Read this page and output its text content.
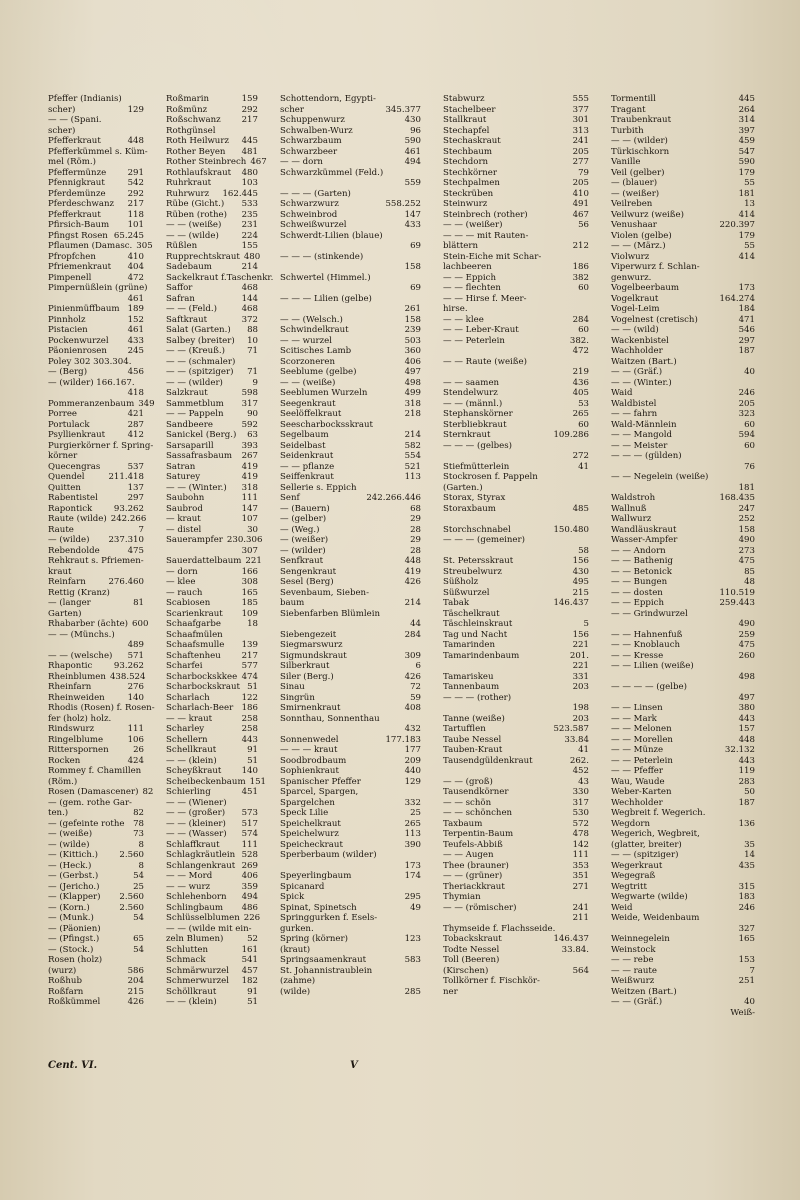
Pfeffer (Indianis)
scher)	129
— — (Spani.
scher)
Pfefferkraut	448
Pfefferkümmel s. Küm-
mel (Röm.)
Pfeffermünze	291
Pfennigkraut	542
Pferdemünze	292
Pferdeschwanz	217
Pfefferkraut	118
Pfirsich-Baum	101
Pfingst Rosen 65.245
Pflaumen (Damasc. 305
Pfropfchen	410
Pfriemenkraut	404
Pimpenell	472
Pimpernüßlein (grüne)
461
Pinienmüffbaum 189
Pinnholz	152
Pistacien	461
Pockenwurzel	433
Päonienrosen	245
Poley 302 303.304.
— (Berg)	456
— (wilder) 166.167.
418
Pommeranzenbaum 349
Porree	421
Portulack	287
Psyllienkraut	412
Purgierkörner f. Spring-
körner
Quecengras	537
Quendel	211.418
Quitten	137
Rabentistel	297
Rapontick	93.262
Raute (wilde) 242.266
Raute	7
— (wilde)	237.310
Rebendolde	475
Rehkraut s. Pfriemen-
kraut
Reinfarn	276.460
Rettig (Kranz)
— (langer	81
Garten)
Rhabarber (ächte) 600
— — (Münchs.)
489
— — (welsche)	571
Rhapontic	93.262
Rheinblumen 438.524
Rheinfarn	276
Rheinweiden	140
Rhodis (Rosen) f. Rosen-
fer (holz) holz.
Rindswurz	111
Ringelblume	106
Ritterspornen	26
Rocken	424
Rommey f. Chamillen
(Röm.)
Rosen (Damascener) 82
— (gem. rothe Gar-
ten.)	82
— (gefeinte rothe	78
— (weiße)	73
— (wilde)	8
— (Kittich.)	2.560
— (Heck.)	8
— (Gerbst.)	54
— (Jericho.)	25
— (Klapper)	2.560
— (Korn.)	2.560
— (Munk.)	54
— (Päonien)
— (Pfingst.)	65
— (Stock.)	54
Rosen (holz)
(wurz)	586
Roßhub	204
Roßfarn	215
Roßkümmel	426
Roßmarin	159
Roßmünz	292
Roßschwanz	217
Rothgünsel
Roth Heilwurz	445
Rother Beyen	481
Rother Steinbrech 467
Rothlaufskraut	480
Ruhrkraut	103
Ruhrwurz	162.445
Rübe (Gicht.)	533
Rüben (rothe)	235
— — (weiße)	231
— — (wilde)	224
Rüßlen	155
Rupprechtskraut 480
Sadebaum	214
Sackelkraut f.Taschenkr.
Saffor	468
Safran	144
— — (Feld.)	468
Saftkraut	372
Salat (Garten.)	88
Salbey (breiter)	10
— — (Kreuß.)	71
— — (schmaler)
— — (spitziger)	71
— — (wilder)	9
Salzkraut	598
Sammetblum	317
— — Pappeln	90
Sandbeere	592
Sanickel (Berg.)	63
Sarsaparill	393
Sassafrasbaum	267
Satran	419
Saturey	419
— — (Winter.)	318
Saubohn	111
Saubrod	147
— kraut	107
— distel	30
Sauerampfer 230.306
307
Sauerdattelbaum 221
— dorn	166
— klee	308
— rauch	165
Scabiosen	185
Scarienkraut	109
Schaafgarbe	18
Schaafmülen
Schaafsmulle	139
Schaftenheu	217
Scharfei	577
Scharbockskkee 474
Scharbockskraut 51
Scharlach	122
Scharlach-Beer 186
— — kraut	258
Scharley	258
Schellern	443
Schellkraut	91
— — (klein)	51
Scheyßkraut	140
Scheibeckenbaum 151
Schierling	451
— — (Wiener)
— — (großer)	573
— — (kleiner)	517
— — (Wasser)	574
Schlaffkraut	111
Schlagkräutlein 528
Schlangenkraut 269
— — Mord	406
— — wurz	359
Schlehenborn	494
Schlingbaum	486
Schlüsselblumen 226
— — (wilde mit ein-
zeln Blumen)	52
Schlutten	161
Schmack	541
Schmärwurzel	457
Schmerwurzel	182
Schöllkraut	91
— — (klein)	51
Schottendorn, Egypti-
scher	345.377
Schuppenwurz	430
Schwalben-Wurz	96
Schwarzbaum	590
Schwarzbeer	461
— — dorn	494
Schwarzkümmel (Feld.)
559
— — — (Garten)
Schwarzwurz	558.252
Schweinbrod	147
Schweißwurzel	433
Schwerdt-Lilien (blaue)
69
— — — (stinkende)
158
Schwertel (Himmel.)
69
— — — Lilien (gelbe)
261
— — (Welsch.)	158
Schwindelkraut	239
— — wurzel	503
Scitisches Lamb	360
Scorzoneren	406
Seeblume (gelbe)	497
— — (weiße)	498
Seeblumen Wurzeln	499
Seegenkraut	318
Seelöffelkraut	218
Seescharbocksskraut
Segelbaum	214
Seidelbast	582
Seidenkraut	554
— — pflanze	521
Seiffenkraut	113
Sellerie s. Eppich
Senf	242.266.446
— (Bauern)	68
— (gelber)	29
— (Weg.)	28
— (weißer)	29
— (wilder)	28
Senfkraut	448
Sengenkraut	419
Sesel (Berg)	426
Sevenbaum, Sieben-
baum	214
Siebenfarben Blümlein
44
Siebengezeit	284
Siegmarswurz
Sigmundskraut	309
Silberkraut	6
Siler (Berg.)	426
Sinau	72
Singrün	59
Smirnenkraut	408
Sonnthau, Sonnenthau
432
Sonnenwedel	177.183
— — — kraut	177
Soodbrodbaum	209
Sophienkraut	440
Spanischer Pfeffer	129
Sparcel, Spargen,
Spargelchen	332
Speck Lilie	25
Speichelkraut	265
Speichelwurz	113
Speicheckraut	390
Sperberbaum (wilder)
173
Speyerlingbaum	174
Spicanard
Spick	295
Spinat, Spinetsch	49
Springgurken f. Esels-
gurken.
Spring (körner)	123
(kraut)
Springsaamenkraut	583
St. Johannistraublein
(zahme)
(wilde)	285
Stabwurz	555
Stachelbeer	377
Stallkraut	301
Stechapfel	313
Stechaskraut	241
Stechbaum	205
Stechdorn	277
Stechkörner	79
Stechpalmen	205
Steckrüben	410
Steinwurz	491
Steinbrech (rother)	467
— — (weißer)	56
— — — mit Rauten-
blättern	212
Stein-Eiche mit Schar-
lachbeeren	186
— — Eppich	382
— — flechten	60
— — Hirse f. Meer-
hirse.
— — klee	284
— — Leber-Kraut	60
— — Peterlein	382.
472
— — Raute (weiße)
219
— — saamen	436
Stendelwurz	405
— — (männl.)	53
Stephanskörner	265
Sterbliebkraut	60
Sternkraut	109.286
— — — (gelbes)
272
Stiefmütterlein	41
Stockrosen f. Pappeln
(Garten.)
Storax, Styrax
Storaxbaum	485
Storchschnabel	150.480
— — — (gemeiner)
58
St. Petersskraut	156
Streubelwurz	430
Süßholz	495
Süßwurzel	215
Tabak	146.437
Täschelkraut
Täschleinskraut	5
Tag und Nacht	156
Tamarinden	221
Tamarindenbaum	201.
221
Tamariskeu	331
Tannenbaum	203
— — — (rother)
198
Tanne (weiße)	203
Tartufflen	523.587
Taube Nessel	33.84
Tauben-Kraut	41
Tausendgüldenkraut	262.
452
— — (groß)	43
Tausendkörner	330
— — schön	317
— — schönchen	530
Taxbaum	572
Terpentin-Baum	478
Teufels-Abbiß	142
— — Augen	111
Thee (brauner)	353
— — (grüner)	351
Theriackkraut	271
Thymian
— — (römischer)	241
211
Thymseide f. Flachsseide.
Tobackskraut	146.437
Todte Nessel	33.84.
Toll (Beeren)
(Kirschen)	564
Tollkörner f. Fischkör-
ner
Tormentill	445
Tragant	264
Traubenkraut	314
Turbith	397
— — (wilder)	459
Türkischkorn	547
Vanille	590
Veil (gelber)	179
— (blauer)	55
— (weißer)	181
Veilreben	13
Veilwurz (weiße)	414
Venushaar	220.397
Violen (gelbe)	179
— — (März.)	55
Violwurz	414
Viperwurz f. Schlan-
genwurz.
Vogelbeerbaum	173
Vogelkraut	164.274
Vogel-Leim	184
Vogelnest (cretisch)	471
— — (wild)	546
Wackenbistel	297
Wachholder	187
Waitzen (Bart.)
— — (Gräf.)	40
— — (Winter.)
Waid	246
Waldbistel	205
— — fahrn	323
Wald-Männlein	60
— — Mangold	594
— — Meister	60
— — — (gülden)
76
— — Negelein (weiße)
181
Waldstroh	168.435
Wallnuß	247
Wallwurz	252
Wandläuskraut	158
Wasser-Ampfer	490
— — Andorn	273
— — Bathenig	475
— — Betonick	85
— — Bungen	48
— — dosten	110.519
— — Eppich	259.443
— — Grindwurzel
490
— — Hahnenfuß	259
— — Knoblauch	475
— — Kresse	260
— — Lilien (weiße)
498
— — — — (gelbe)
497
— — Linsen	380
— — Mark	443
— — Melonen	157
— — Morellen	448
— — Münze	32.132
— — Peterlein	443
— — Pfeffer	119
Wau, Waude	283
Weber-Karten	50
Wechholder	187
Wegbreit f. Wegerich.
Wegdorn	136
Wegerich, Wegbreit,
(glatter, breiter)	35
— — (spitziger)	14
Wegerkraut	435
Wegegraß
Wegtritt	315
Wegwarte (wilde)	183
Weid	246
Weide, Weidenbaum
327
Weinnegelein	165
Weinstock
— — rebe	153
— — raute	7
Weißwurz	251
Weitzen (Bart.)
— — (Gräf.)	40
Weiß-
Cent. VI.	V
